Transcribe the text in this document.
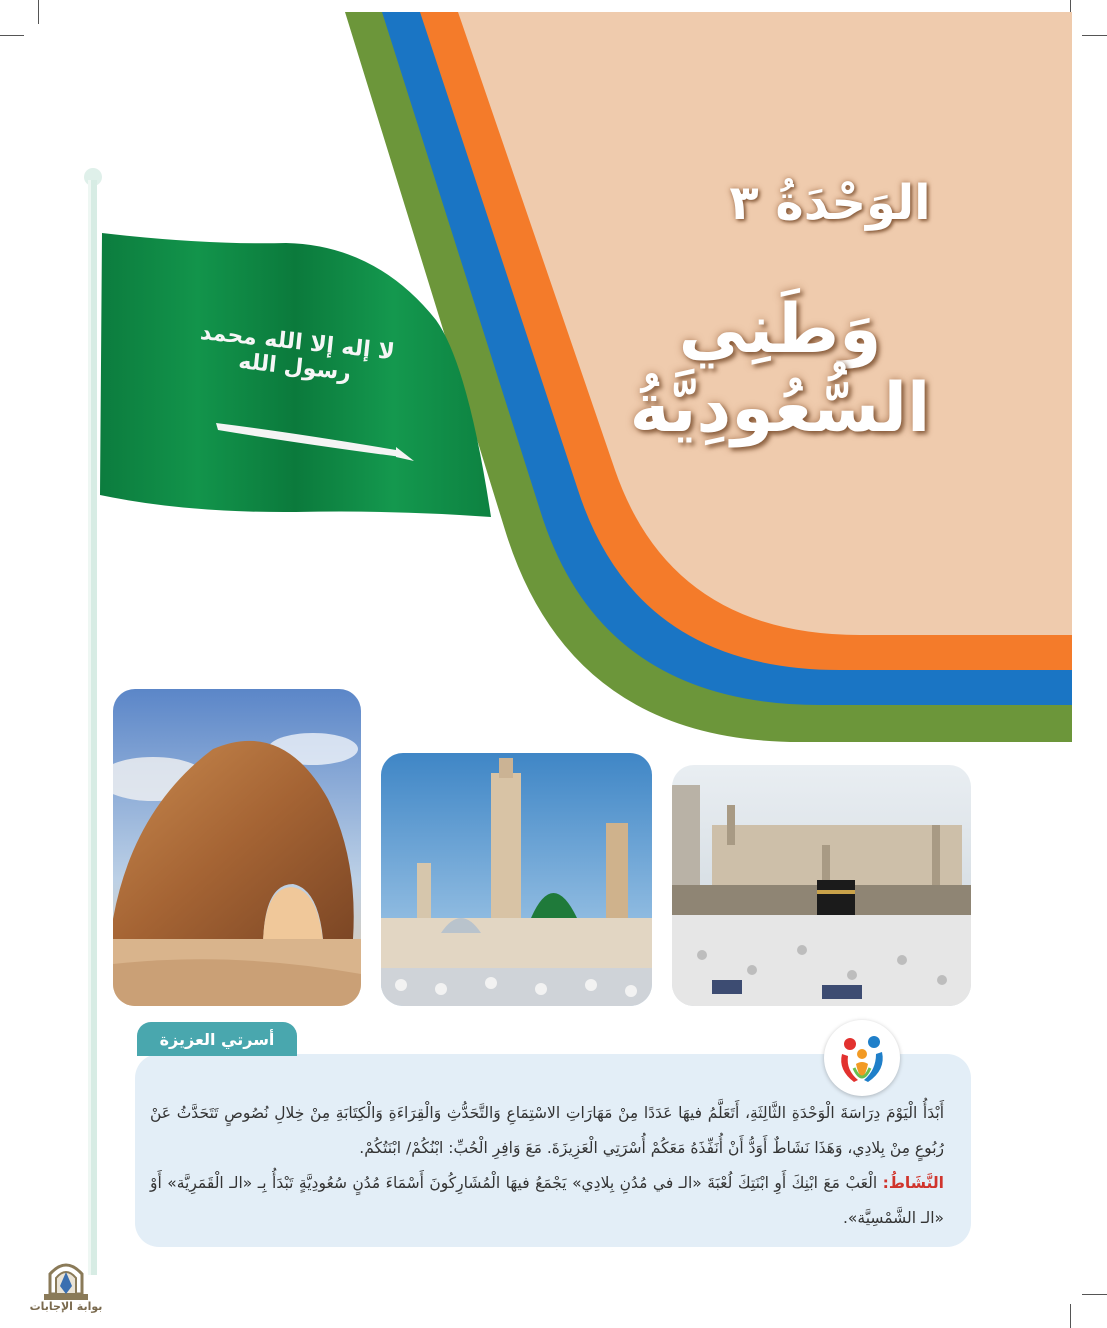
الوَحْدَةُ ٣
وَطَنِي السُّعُودِيَّةُ
لا إله إلا الله محمد رسول الله
أسرتي العزيزة
أَبْدَأُ الْيَوْمَ دِرَاسَةَ الْوَحْدَةِ الثَّالِثَةِ، أَتَعَلَّمُ فيهَا عَدَدًا مِنْ مَهَارَاتِ الاسْتِمَاعِ وَالتَّحَدُّثِ وَالْقِرَاءَةِ وَالْكِتَابَةِ مِنْ خِلالِ نُصُوصٍ تَتَحَدَّثُ عَنْ رُبُوعٍ مِنْ بِلادِي، وَهَذَا نَشَاطٌ أَوَدُّ أَنْ أُنَفِّذَهُ مَعَكُمْ أُسْرَتِي الْعَزِيزَةَ. مَعَ وَافِرِ الْحُبِّ: ابْنُكُمْ/ ابْنَتُكُمْ.
النَّشَاطُ: الْعَبْ مَعَ ابْنِكَ أَوِ ابْنَتِكَ لُعْبَةَ «الـ في مُدُنِ بِلادِي» يَجْمَعُ فيهَا الْمُشَارِكُونَ أَسْمَاءَ مُدُنٍ سُعُودِيَّةٍ تَبْدَأُ بِـ «الـ الْقَمَرِيَّة» أَوْ «الـ الشَّمْسِيَّة».
بوابة الإجابات
